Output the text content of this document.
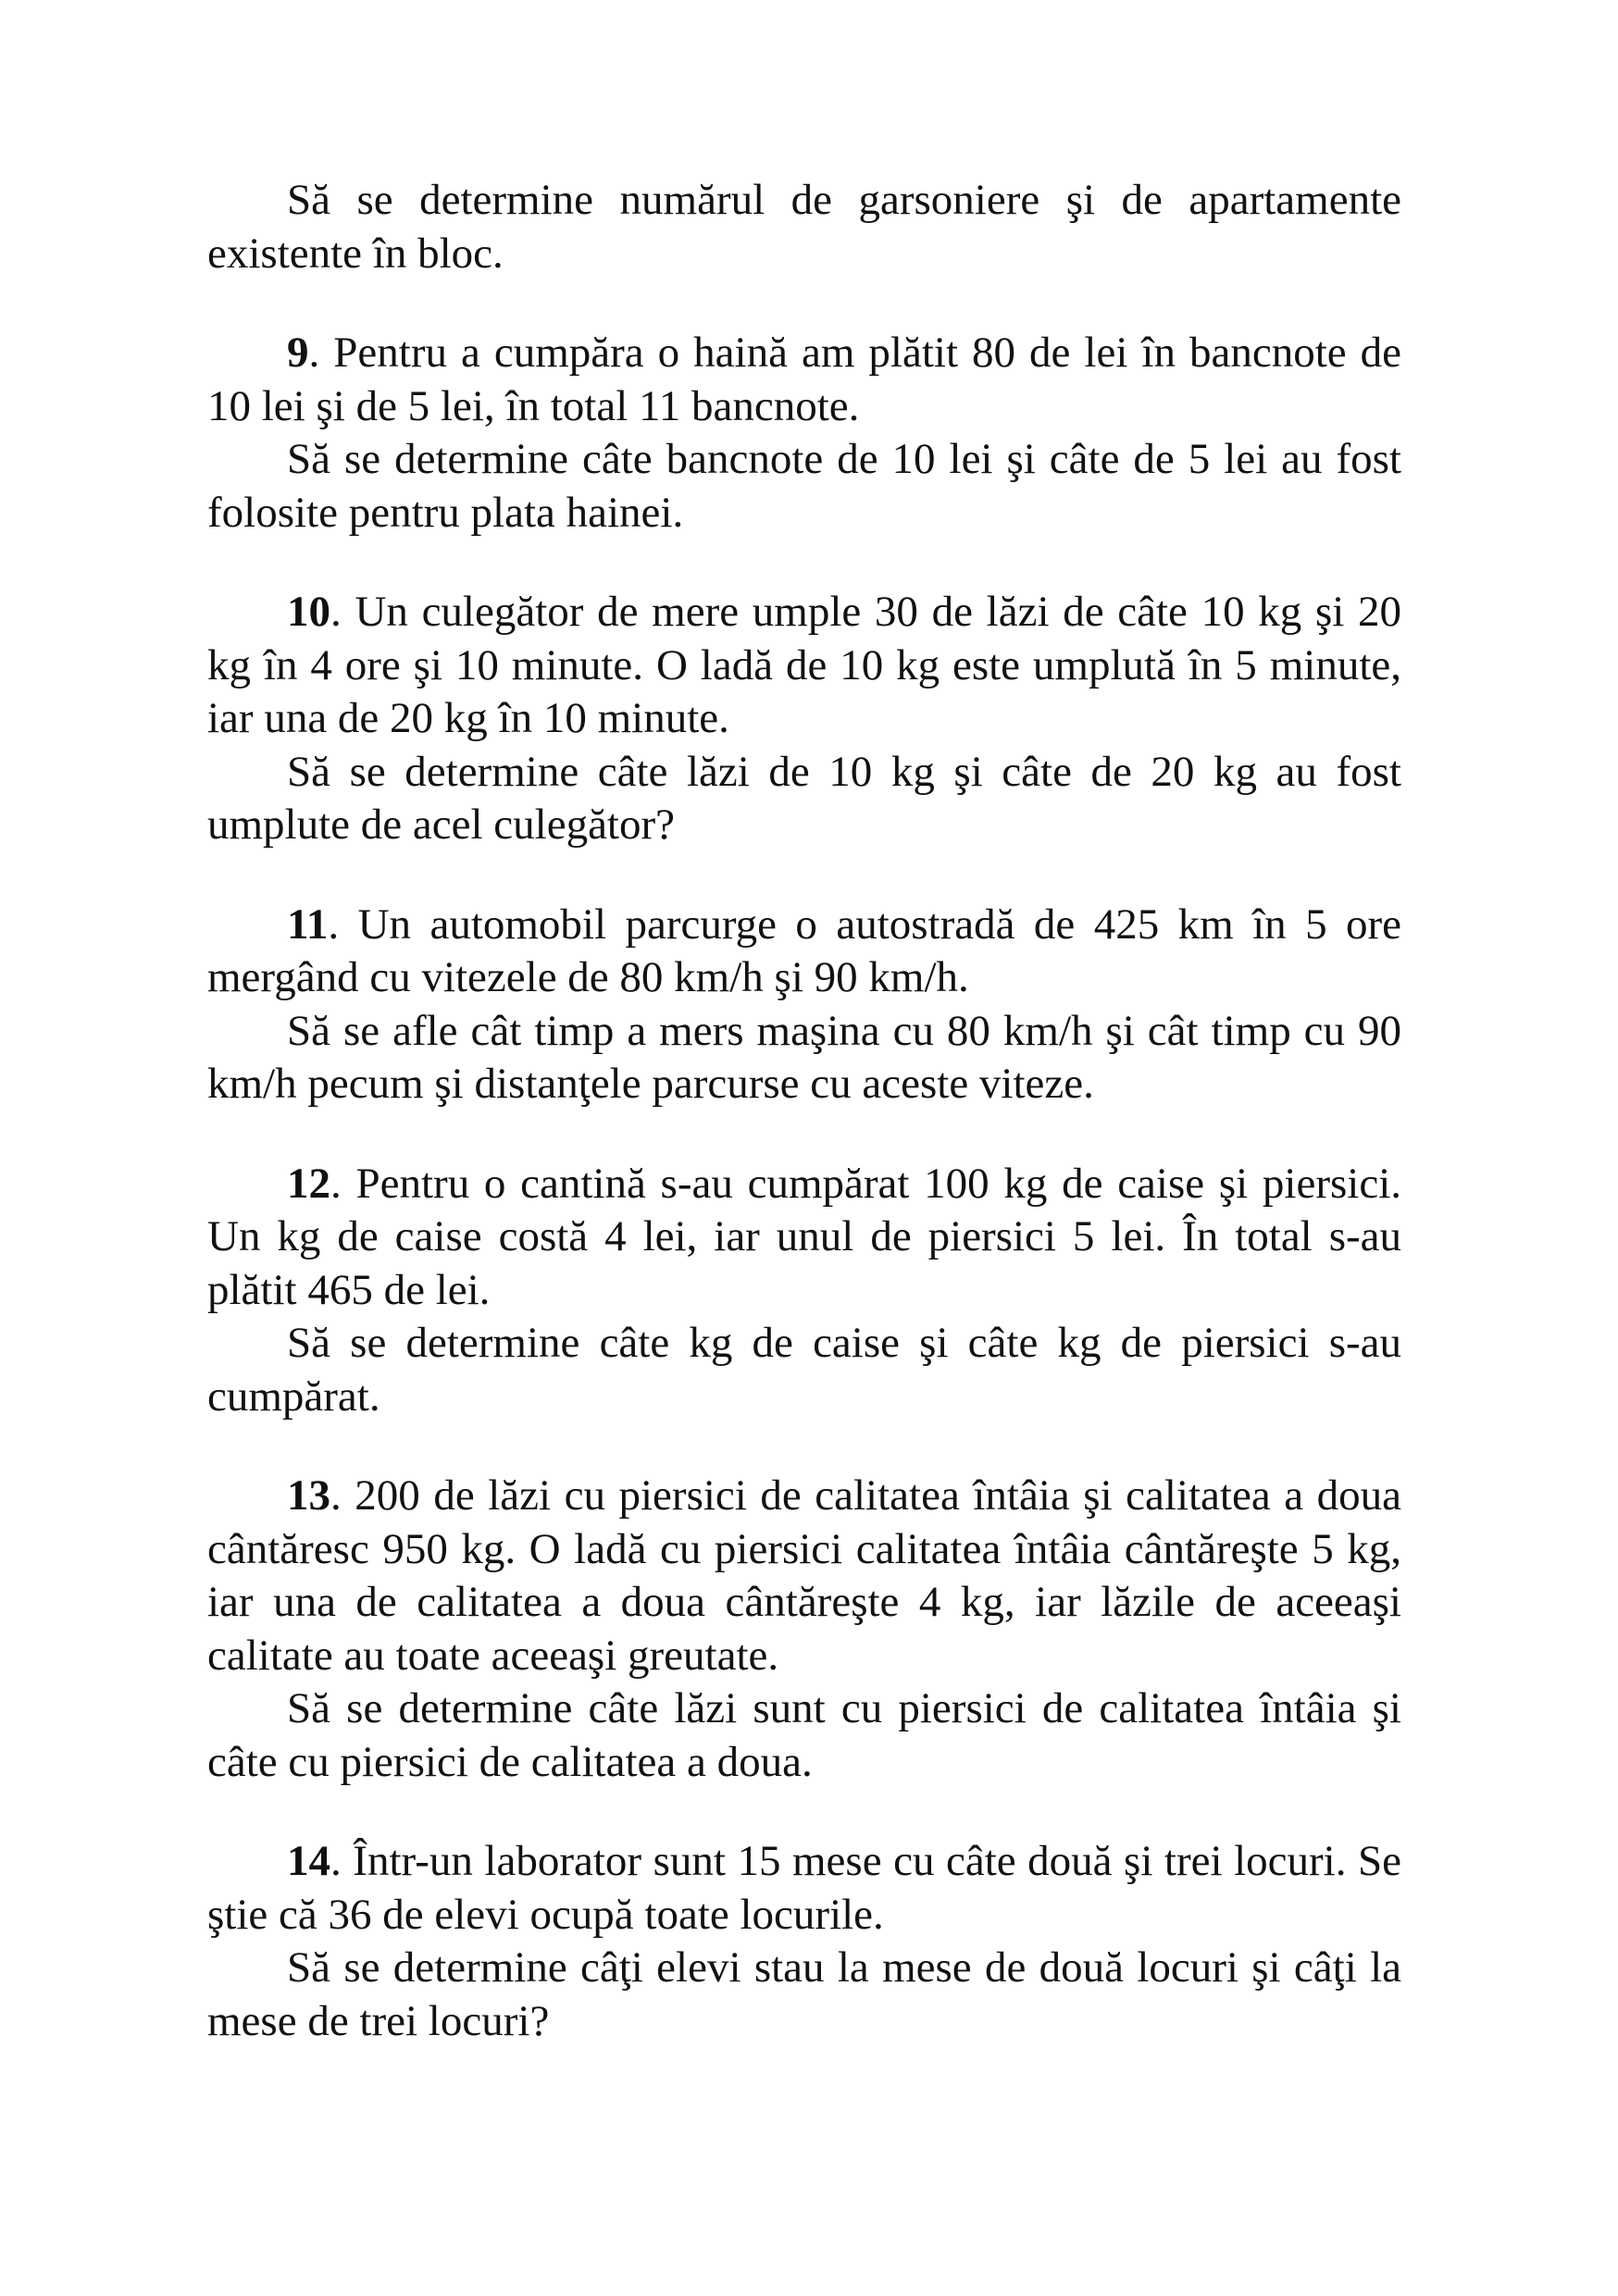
Să se determine numărul de garsoniere şi de apartamente existente în bloc.

9. Pentru a cumpăra o haină am plătit 80 de lei în bancnote de 10 lei şi de 5 lei, în total 11 bancnote.

Să se determine câte bancnote de 10 lei şi câte de 5 lei au fost folosite pentru plata hainei.

10. Un culegător de mere umple 30 de lăzi de câte 10 kg şi 20 kg în 4 ore şi 10 minute. O ladă de 10 kg este umplută în 5 minute, iar una de 20 kg în 10 minute.

Să se determine câte lăzi de 10 kg şi câte de 20 kg au fost umplute de acel culegător?

11. Un automobil parcurge o autostradă de 425 km în 5 ore mergând cu vitezele de 80 km/h şi 90 km/h.

Să se afle cât timp a mers maşina cu 80 km/h şi cât timp cu 90 km/h pecum şi distanţele parcurse cu aceste viteze.

12. Pentru o cantină s-au cumpărat 100 kg de caise şi piersici. Un kg de caise costă 4 lei, iar unul de piersici 5 lei. În total s-au plătit 465 de lei.

Să se determine câte kg de caise şi câte kg de piersici s-au cumpărat.

13. 200 de lăzi cu piersici de calitatea întâia şi calitatea a doua cântăresc 950 kg. O ladă cu piersici calitatea întâia cântăreşte 5 kg, iar una de calitatea a doua cântăreşte 4 kg, iar lăzile de aceeaşi calitate au toate aceeaşi greutate.

Să se determine câte lăzi sunt cu piersici de calitatea întâia şi câte cu piersici de calitatea a doua.

14. Într-un laborator sunt 15 mese cu câte două şi trei locuri. Se ştie că 36 de elevi ocupă toate locurile.

Să se determine câţi elevi stau la mese de două locuri şi câţi la mese de trei locuri?
